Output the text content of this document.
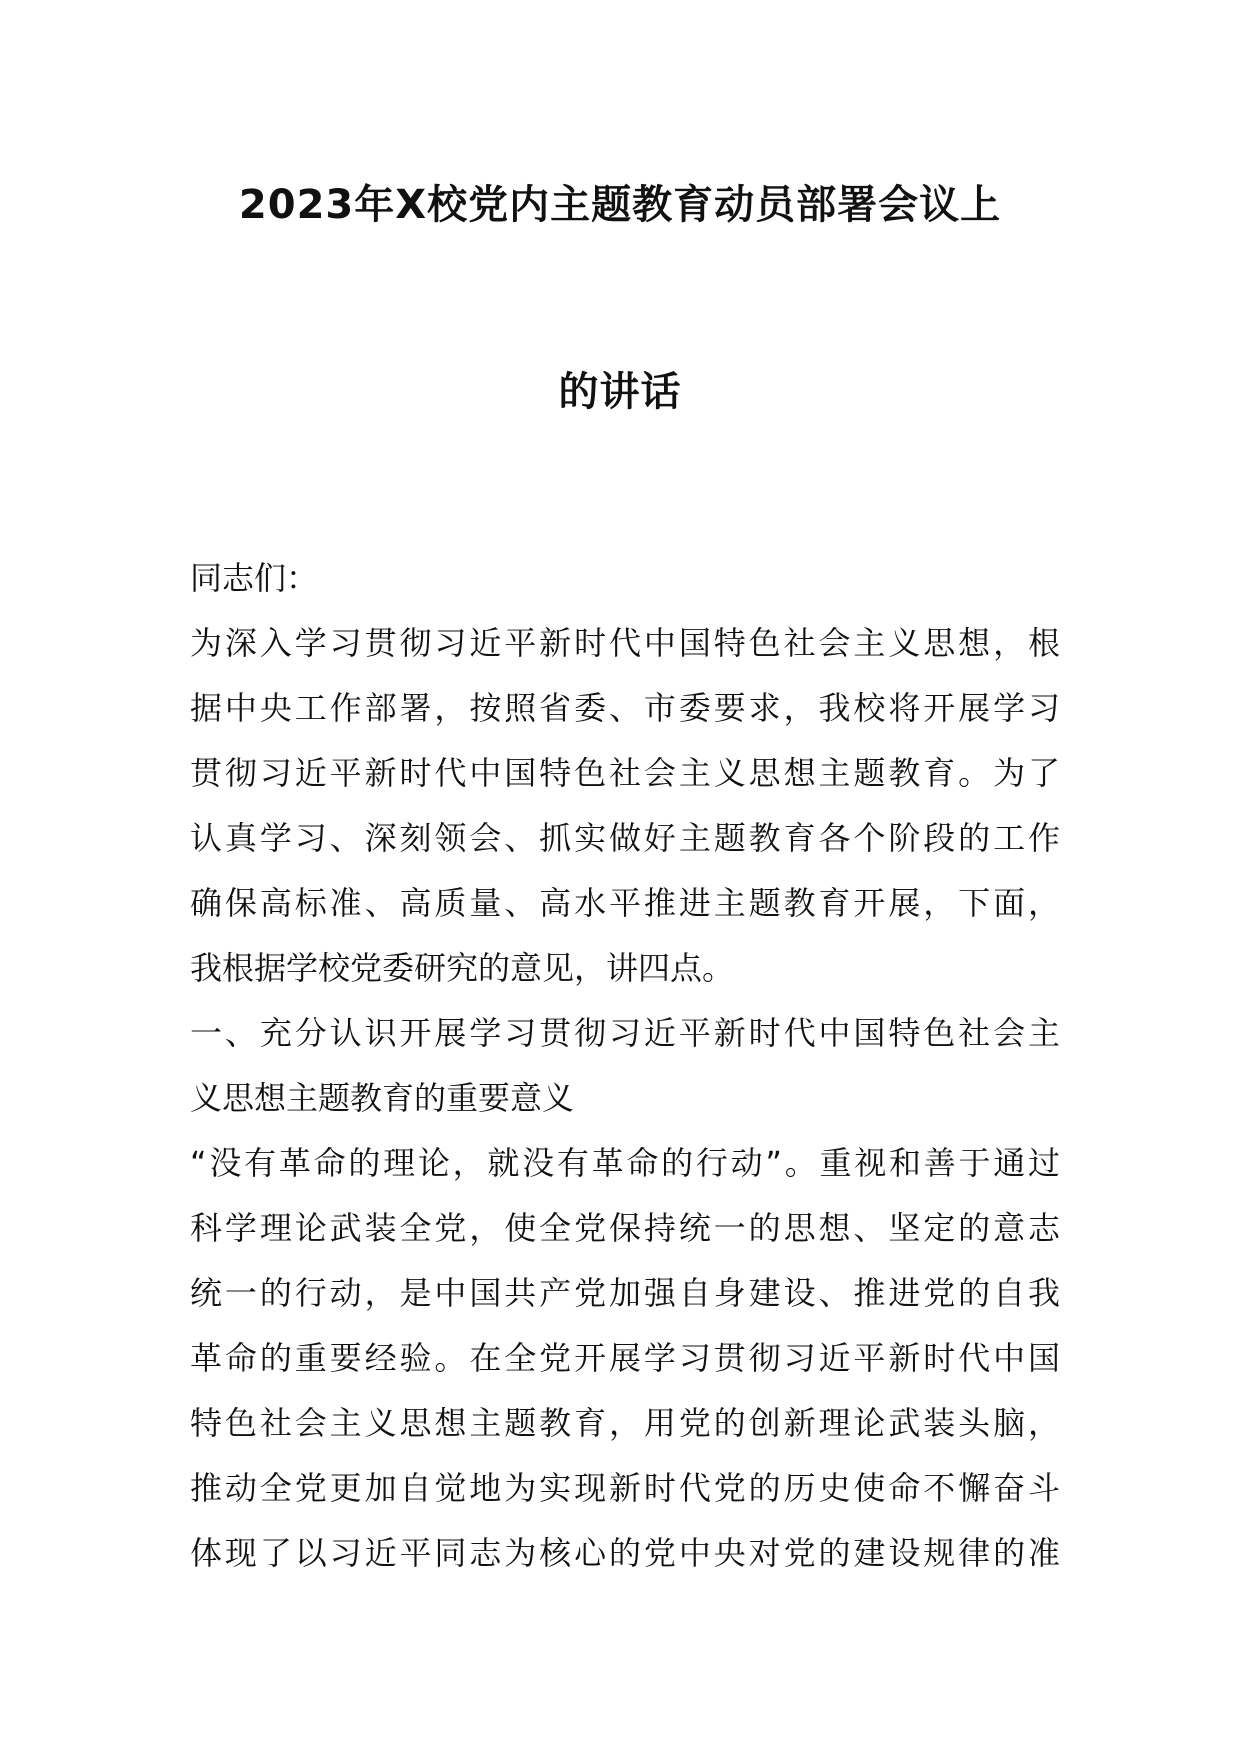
2023年X校党内主题教育动员部署会议上
的讲话
同志们：
为深入学习贯彻习近平新时代中国特色社会主义思想，根
据中央工作部署，按照省委、市委要求，我校将开展学习
贯彻习近平新时代中国特色社会主义思想主题教育。为了
认真学习、深刻领会、抓实做好主题教育各个阶段的工作
确保高标准、高质量、高水平推进主题教育开展，下面，
我根据学校党委研究的意见，讲四点。
一、充分认识开展学习贯彻习近平新时代中国特色社会主
义思想主题教育的重要意义
“没有革命的理论，就没有革命的行动”。重视和善于通过
科学理论武装全党，使全党保持统一的思想、坚定的意志
统一的行动，是中国共产党加强自身建设、推进党的自我
革命的重要经验。在全党开展学习贯彻习近平新时代中国
特色社会主义思想主题教育，用党的创新理论武装头脑，
推动全党更加自觉地为实现新时代党的历史使命不懈奋斗
体现了以习近平同志为核心的党中央对党的建设规律的准
